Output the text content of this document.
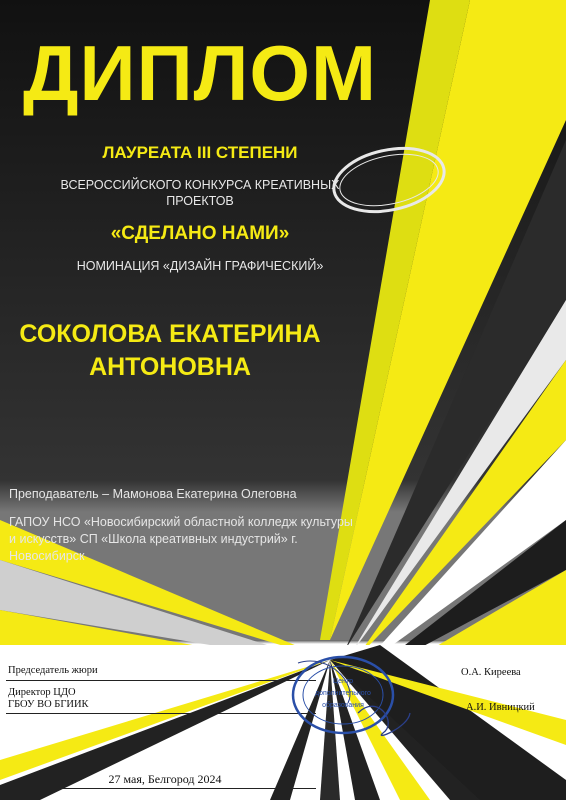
ДИПЛОМ
ЛАУРЕАТА III СТЕПЕНИ
ВСЕРОССИЙСКОГО КОНКУРСА КРЕАТИВНЫХ
ПРОЕКТОВ
«СДЕЛАНО НАМИ»
НОМИНАЦИЯ «ДИЗАЙН ГРАФИЧЕСКИЙ»
СОКОЛОВА ЕКАТЕРИНА
АНТОНОВНА
Преподаватель – Мамонова Екатерина Олеговна
ГАПОУ НСО «Новосибирский областной колледж культуры и искусств» СП «Школа креативных индустрий» г. Новосибирск
Председатель жюри	О.А. Киреева
Директор ЦДО
ГБОУ ВО БГИИК	А.И. Ивницкий
Центр
дополнительного
образования
27 мая, Белгород 2024
